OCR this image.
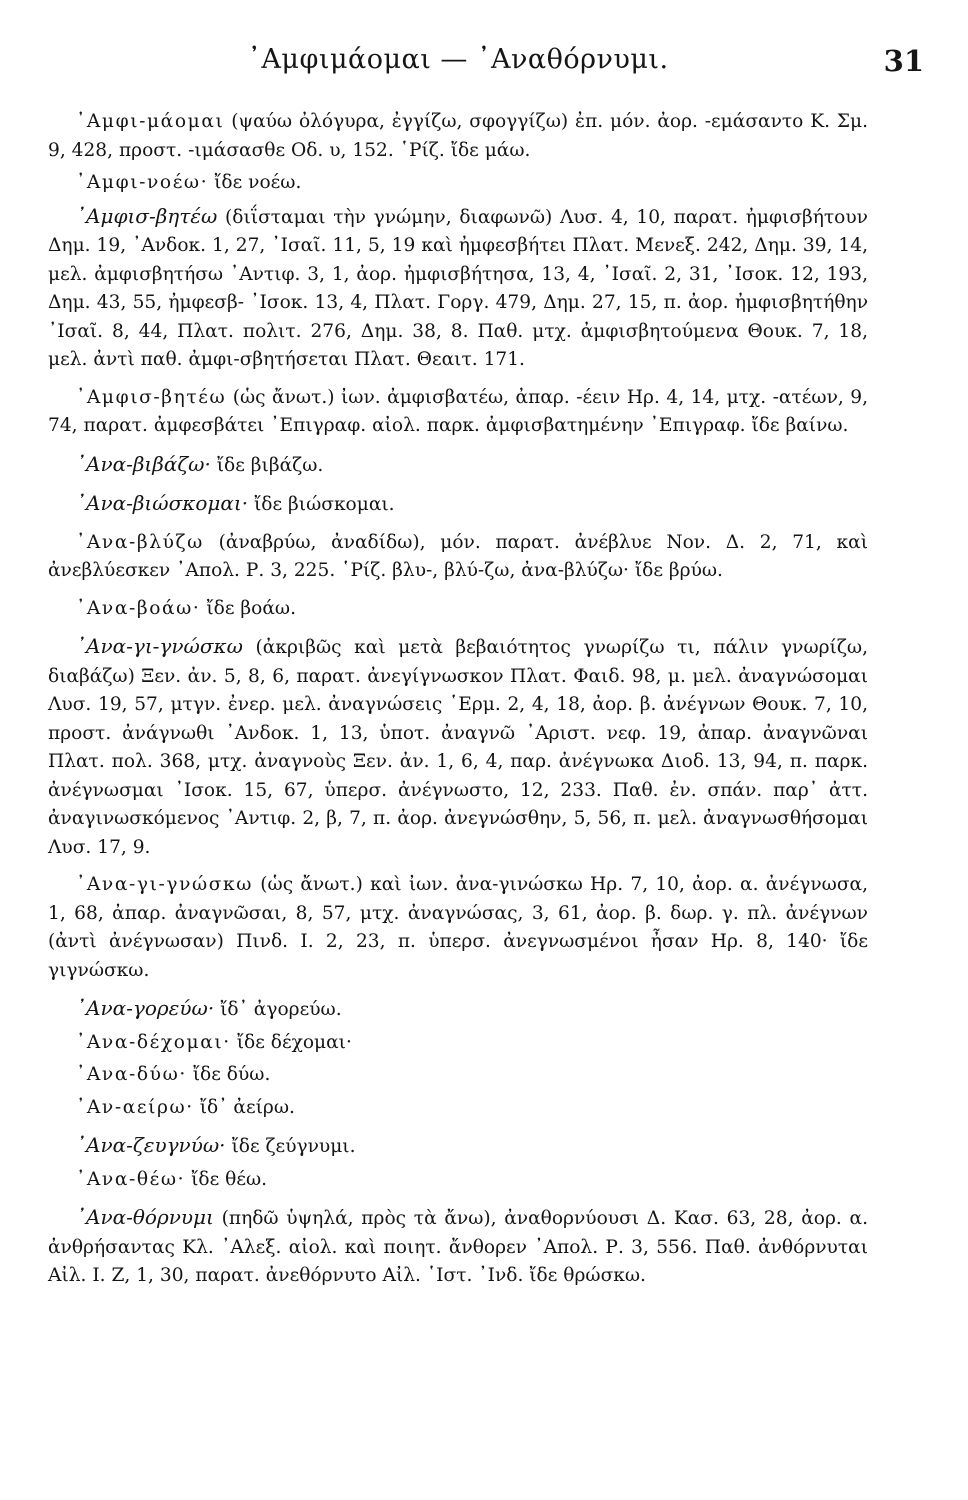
᾿Αμφιμάομαι — ᾿Αναθόρνυμι.	31

᾿Αμφι-μάομαι (ψαύω ὀλόγυρα, ἐγγίζω, σφογγίζω) ἐπ. μόν. ἀορ. -εμάσαντο Κ. Σμ. 9, 428, προστ. -ιμάσασθε Οδ. υ, 152. ῾Ρίζ. ἴδε μάω.

᾿Αμφι-νοέω· ἴδε νοέω.

᾿Αμφισ-βητέω (διΐσταμαι τὴν γνώμην, διαφωνῶ) Λυσ. 4, 10, παρατ. ἠμφισβήτουν Δημ. 19, ᾿Ανδοκ. 1, 27, ᾿Ισαῖ. 11, 5, 19 καὶ ἠμφεσβήτει Πλατ. Μενεξ. 242, Δημ. 39, 14, μελ. ἀμφισβητήσω ᾿Αντιφ. 3, 1, ἀορ. ἠμφισβήτησα, 13, 4, ᾿Ισαῖ. 2, 31, ᾿Ισοκ. 12, 193, Δημ. 43, 55, ἠμφεσβ- ᾿Ισοκ. 13, 4, Πλατ. Γοργ. 479, Δημ. 27, 15, π. ἀορ. ἠμφισβητήθην ᾿Ισαῖ. 8, 44, Πλατ. πολιτ. 276, Δημ. 38, 8. Παθ. μτχ. ἀμφισβητούμενα Θουκ. 7, 18, μελ. ἀντὶ παθ. ἀμφι-σβητήσεται Πλατ. Θεαιτ. 171.

᾿Αμφισ-βητέω (ὡς ἄνωτ.) ἰων. ἀμφισβατέω, ἀπαρ. -έειν Ηρ. 4, 14, μτχ. -ατέων, 9, 74, παρατ. ἀμφεσβάτει ᾿Επιγραφ. αἰολ. παρκ. ἀμφισβατημένην ᾿Επιγραφ. ἴδε βαίνω.

᾿Ανα-βιβάζω· ἴδε βιβάζω.

᾿Ανα-βιώσκομαι· ἴδε βιώσκομαι.

᾿Ανα-βλύζω (ἀναβρύω, ἀναδίδω), μόν. παρατ. ἀνέβλυε Νον. Δ. 2, 71, καὶ ἀνεβλύεσκεν ᾿Απολ. Ρ. 3, 225. ῾Ρίζ. βλυ-, βλύ-ζω, ἀνα-βλύζω· ἴδε βρύω.

᾿Ανα-βοάω· ἴδε βοάω.

᾿Ανα-γι-γνώσκω (ἀκριβῶς καὶ μετὰ βεβαιότητος γνωρίζω τι, πάλιν γνωρίζω, διαβάζω) Ξεν. ἀν. 5, 8, 6, παρατ. ἀνεγίγνωσκον Πλατ. Φαιδ. 98, μ. μελ. ἀναγνώσομαι Λυσ. 19, 57, μτγν. ἐνερ. μελ. ἀναγνώσεις ῾Ερμ. 2, 4, 18, ἀορ. β. ἀνέγνων Θουκ. 7, 10, προστ. ἀνάγνωθι ᾿Ανδοκ. 1, 13, ὑποτ. ἀναγνῶ ᾿Αριστ. νεφ. 19, ἀπαρ. ἀναγνῶναι Πλατ. πολ. 368, μτχ. ἀναγνοὺς Ξεν. ἀν. 1, 6, 4, παρ. ἀνέγνωκα Διοδ. 13, 94, π. παρκ. ἀνέγνωσμαι ᾿Ισοκ. 15, 67, ὑπερσ. ἀνέγνωστο, 12, 233. Παθ. ἐν. σπάν. παρ᾿ ἀττ. ἀναγινωσκόμενος ᾿Αντιφ. 2, β, 7, π. ἀορ. ἀνεγνώσθην, 5, 56, π. μελ. ἀναγνωσθήσομαι Λυσ. 17, 9.

᾿Ανα-γι-γνώσκω (ὡς ἄνωτ.) καὶ ἰων. ἀνα-γινώσκω Ηρ. 7, 10, ἀορ. α. ἀνέγνωσα, 1, 68, ἀπαρ. ἀναγνῶσαι, 8, 57, μτχ. ἀναγνώσας, 3, 61, ἀορ. β. δωρ. γ. πλ. ἀνέγνων (ἀντὶ ἀνέγνωσαν) Πινδ. Ι. 2, 23, π. ὑπερσ. ἀνεγνωσμένοι ἦσαν Ηρ. 8, 140· ἴδε γιγνώσκω.

᾿Ανα-γορεύω· ἴδ᾿ ἀγορεύω.

᾿Ανα-δέχομαι· ἴδε δέχομαι·

᾿Ανα-δύω· ἴδε δύω.

᾿Αν-αείρω· ἴδ᾿ ἀείρω.

᾿Ανα-ζευγνύω· ἴδε ζεύγνυμι.

᾿Ανα-θέω· ἴδε θέω.

᾿Ανα-θόρνυμι (πηδῶ ὑψηλά, πρὸς τὰ ἄνω), ἀναθορνύουσι Δ. Κασ. 63, 28, ἀορ. α. ἀνθρήσαντας Κλ. ᾿Αλεξ. αἰολ. καὶ ποιητ. ἄνθορεν ᾿Απολ. Ρ. 3, 556. Παθ. ἀνθόρνυται Αἰλ. Ι. Ζ, 1, 30, παρατ. ἀνεθόρνυτο Αἰλ. ῾Ιστ. ᾿Ινδ. ἴδε θρώσκω.
